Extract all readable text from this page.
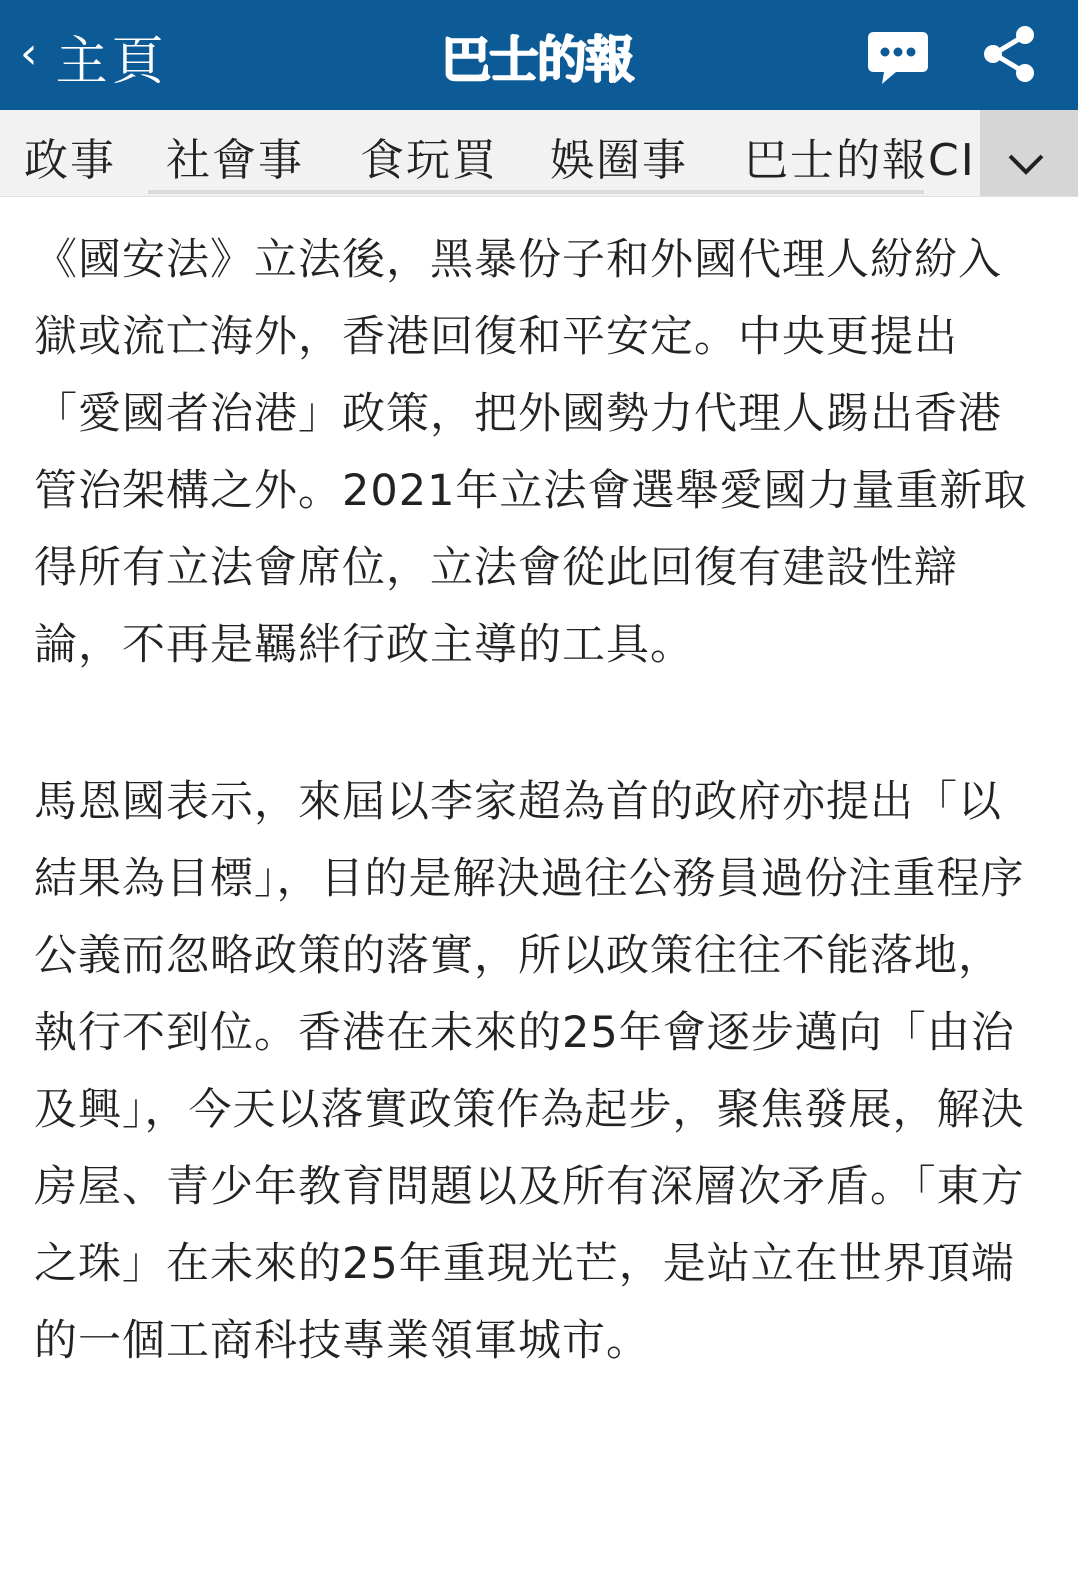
‹ 主頁	巴士的報
政事 社會事 食玩買 娛圈事 巴士的報CI

《國安法》立法後，黑暴份子和外國代理人紛紛入獄或流亡海外，香港回復和平安定。中央更提出「愛國者治港」政策，把外國勢力代理人踢出香港管治架構之外。2021年立法會選舉愛國力量重新取得所有立法會席位，立法會從此回復有建設性辯論，不再是羈絆行政主導的工具。

馬恩國表示，來屆以李家超為首的政府亦提出「以結果為目標」，目的是解決過往公務員過份注重程序公義而忽略政策的落實，所以政策往往不能落地，執行不到位。香港在未來的25年會逐步邁向「由治及興」，今天以落實政策作為起步，聚焦發展，解決房屋、青少年教育問題以及所有深層次矛盾。「東方之珠」在未來的25年重現光芒，是站立在世界頂端的一個工商科技專業領軍城市。
